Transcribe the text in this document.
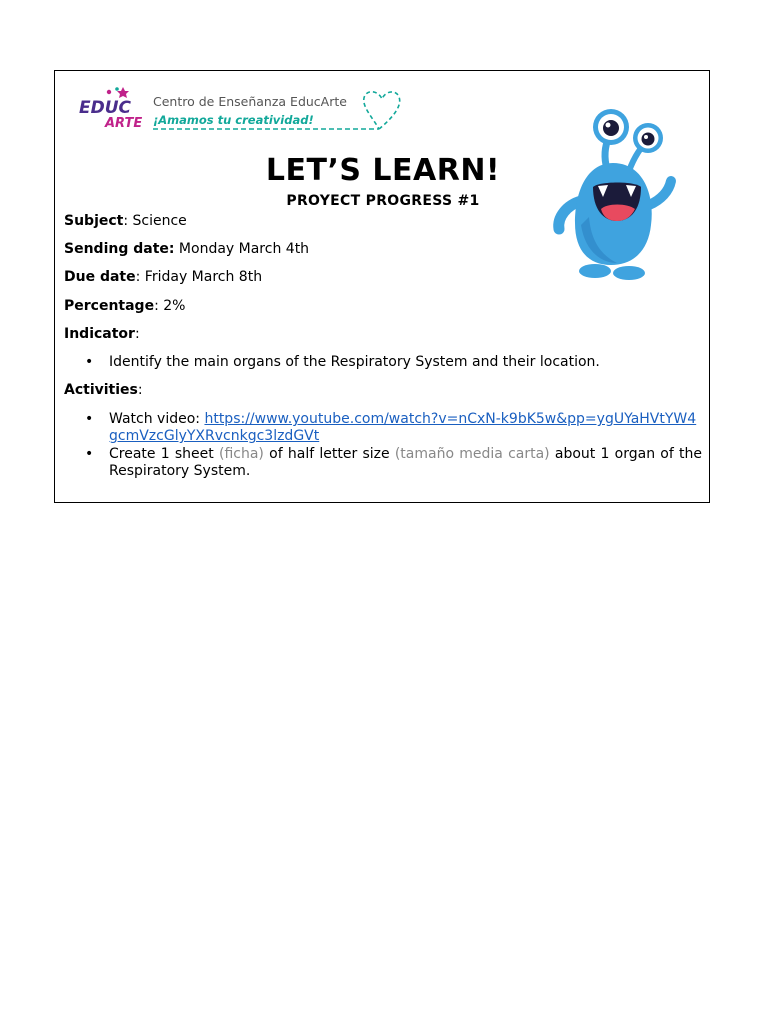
EDUC
ARTE
Centro de Enseñanza EducArte
¡Amamos tu creatividad!
LET’S LEARN!
PROYECT PROGRESS #1
Subject: Science
Sending date: Monday March 4th
Due date: Friday March 8th
Percentage: 2%
Indicator:
• Identify the main organs of the Respiratory System and their location.
Activities:
• Watch video: https://www.youtube.com/watch?v=nCxN-k9bK5w&pp=ygUYaHVtYW4gcmVzcGlyYXRvcnkgc3lzdGVt
• Create 1 sheet (ficha) of half letter size (tamaño media carta) about 1 organ of the Respiratory System.
